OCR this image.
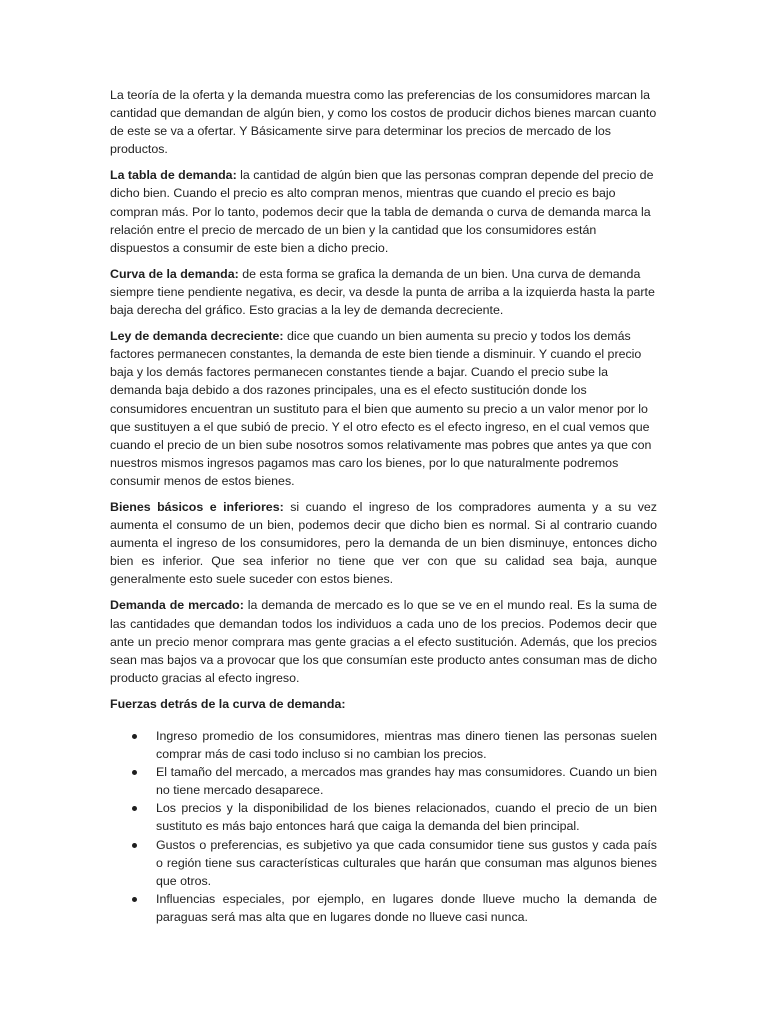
La teoría de la oferta y la demanda muestra como las preferencias de los consumidores marcan la cantidad que demandan de algún bien, y como los costos de producir dichos bienes marcan cuanto de este se va a ofertar. Y Básicamente sirve para determinar los precios de mercado de los productos.

La tabla de demanda: la cantidad de algún bien que las personas compran depende del precio de dicho bien. Cuando el precio es alto compran menos, mientras que cuando el precio es bajo compran más. Por lo tanto, podemos decir que la tabla de demanda o curva de demanda marca la relación entre el precio de mercado de un bien y la cantidad que los consumidores están dispuestos a consumir de este bien a dicho precio.

Curva de la demanda: de esta forma se grafica la demanda de un bien. Una curva de demanda siempre tiene pendiente negativa, es decir, va desde la punta de arriba a la izquierda hasta la parte baja derecha del gráfico. Esto gracias a la ley de demanda decreciente.

Ley de demanda decreciente: dice que cuando un bien aumenta su precio y todos los demás factores permanecen constantes, la demanda de este bien tiende a disminuir. Y cuando el precio baja y los demás factores permanecen constantes tiende a bajar. Cuando el precio sube la demanda baja debido a dos razones principales, una es el efecto sustitución donde los consumidores encuentran un sustituto para el bien que aumento su precio a un valor menor por lo que sustituyen a el que subió de precio. Y el otro efecto es el efecto ingreso, en el cual vemos que cuando el precio de un bien sube nosotros somos relativamente mas pobres que antes ya que con nuestros mismos ingresos pagamos mas caro los bienes, por lo que naturalmente podremos consumir menos de estos bienes.

Bienes básicos e inferiores: si cuando el ingreso de los compradores aumenta y a su vez aumenta el consumo de un bien, podemos decir que dicho bien es normal. Si al contrario cuando aumenta el ingreso de los consumidores, pero la demanda de un bien disminuye, entonces dicho bien es inferior. Que sea inferior no tiene que ver con que su calidad sea baja, aunque generalmente esto suele suceder con estos bienes.

Demanda de mercado: la demanda de mercado es lo que se ve en el mundo real. Es la suma de las cantidades que demandan todos los individuos a cada uno de los precios. Podemos decir que ante un precio menor comprara mas gente gracias a el efecto sustitución. Además, que los precios sean mas bajos va a provocar que los que consumían este producto antes consuman mas de dicho producto gracias al efecto ingreso.

Fuerzas detrás de la curva de demanda:

Ingreso promedio de los consumidores, mientras mas dinero tienen las personas suelen comprar más de casi todo incluso si no cambian los precios.
El tamaño del mercado, a mercados mas grandes hay mas consumidores. Cuando un bien no tiene mercado desaparece.
Los precios y la disponibilidad de los bienes relacionados, cuando el precio de un bien sustituto es más bajo entonces hará que caiga la demanda del bien principal.
Gustos o preferencias, es subjetivo ya que cada consumidor tiene sus gustos y cada país o región tiene sus características culturales que harán que consuman mas algunos bienes que otros.
Influencias especiales, por ejemplo, en lugares donde llueve mucho la demanda de paraguas será mas alta que en lugares donde no llueve casi nunca.
